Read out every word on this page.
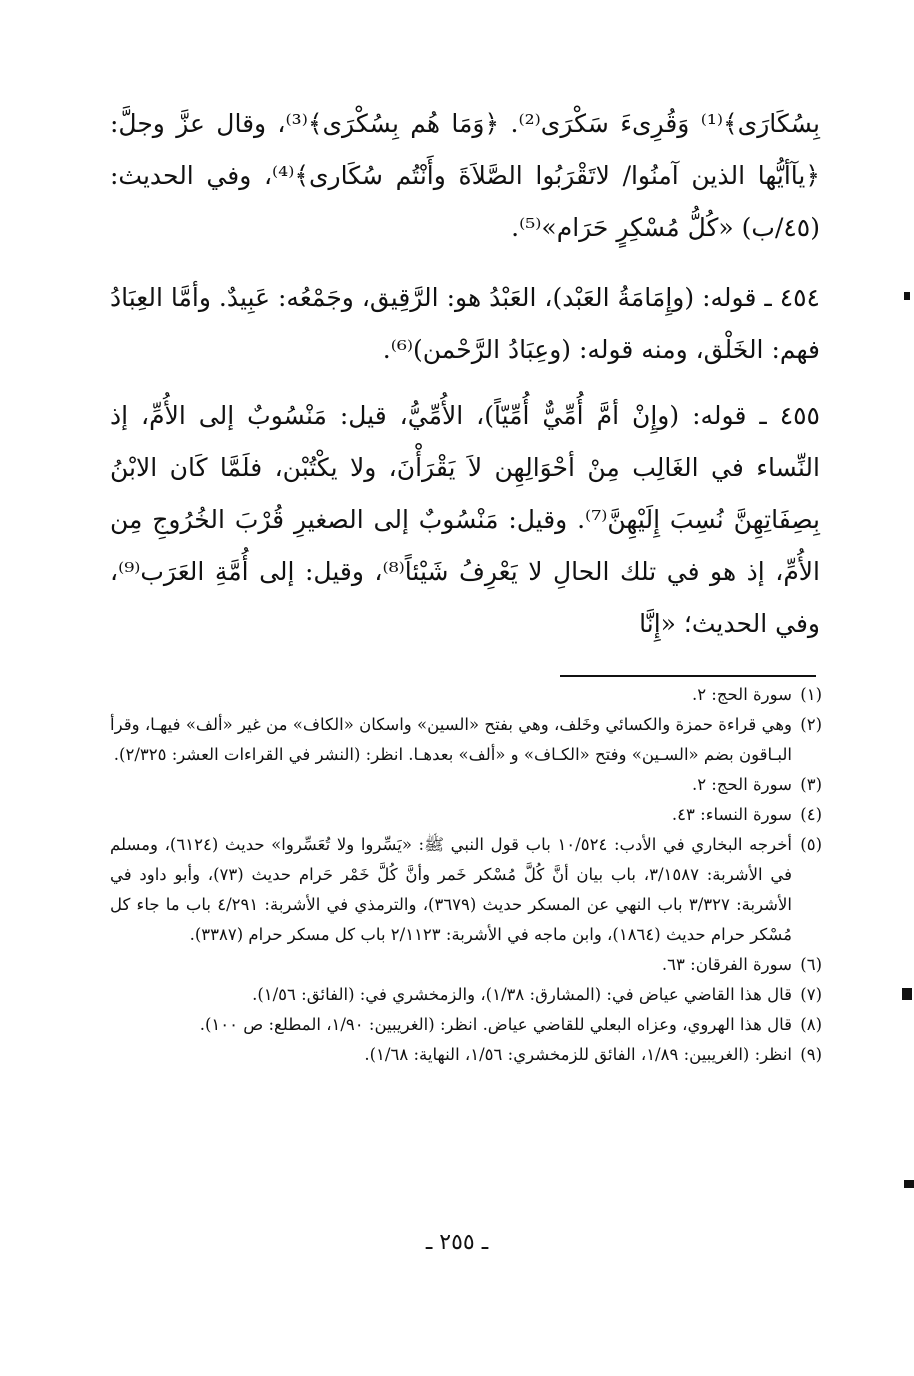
بِسُكَارَى﴾⁽¹⁾ وَقُرِىءَ سَكْرَى⁽²⁾. ﴿وَمَا هُم بِسُكْرَى﴾⁽³⁾، وقال عزَّ وجلَّ: ﴿يآأيُّها الذين آمنُوا/ لاتَقْرَبُوا الصَّلاَةَ وأَنْتُم سُكَارى﴾⁽⁴⁾، وفي الحديث: (٤٥/ب) «كُلُّ مُسْكِرٍ حَرَام»⁽⁵⁾.

٤٥٤ ـ قوله: (وإِمَامَةُ العَبْد)، العَبْدُ هو: الرَّقِيق، وجَمْعُه: عَبِيدٌ. وأمَّا العِبَادُ فهم: الخَلْق، ومنه قوله: (وعِبَادُ الرَّحْمن)⁽⁶⁾.

٤٥٥ ـ قوله: (وإِنْ أمَّ أُمِّيٌّ أُمِّيّاً)، الأُمِّيُّ، قيل: مَنْسُوبٌ إلى الأُمِّ، إذ النِّساء في الغَالِب مِنْ أحْوَالِهِن لاَ يَقْرَأْنَ، ولا يكْتُبْن، فلَمَّا كَان الابْنُ بِصِفَاتِهِنَّ نُسِبَ إِلَيْهِنَّ⁽⁷⁾. وقيل: مَنْسُوبٌ إلى الصغيرِ قُرْبَ الخُرُوجِ مِن الأُمِّ، إذ هو في تلك الحالِ لا يَعْرِفُ شَيْئاً⁽⁸⁾، وقيل: إلى أُمَّةِ العَرَب⁽⁹⁾، وفي الحديث؛ «إِنَّا

(١)
سورة الحج: ٢.

(٢)
وهي قراءة حمزة والكسائي وخَلف، وهي بفتح «السين» واسكان «الكاف» من غير «ألف» فيهـا، وقرأ البـاقون بضم «السـين» وفتح «الكـاف» و «ألف» بعدهـا. انظر: (النشر في القراءات العشر: ٢/٣٢٥).

(٣)
سورة الحج: ٢.

(٤)
سورة النساء: ٤٣.

(٥)
أخرجه البخاري في الأدب: ١٠/٥٢٤ باب قول النبي ﷺ: «يَسِّروا ولا تُعَسِّروا» حديث (٦١٢٤)، ومسلم في الأشربة: ٣/١٥٨٧، باب بيان أنَّ كُلَّ مُسْكر خَمر وأنَّ كُلَّ خَمْر حَرام حديث (٧٣)، وأبو داود في الأشربة: ٣/٣٢٧ باب النهي عن المسكر حديث (٣٦٧٩)، والترمذي في الأشربة: ٤/٢٩١ باب ما جاء كل مُسْكر حرام حديث (١٨٦٤)، وابن ماجه في الأشربة: ٢/١١٢٣ باب كل مسكر حرام (٣٣٨٧).

(٦)
سورة الفرقان: ٦٣.

(٧)
قال هذا القاضي عياض في: (المشارق: ١/٣٨)، والزمخشري في: (الفائق: ١/٥٦).

(٨)
قال هذا الهروي، وعزاه البعلي للقاضي عياض. انظر: (الغريبين: ١/٩٠، المطلع: ص ١٠٠).

(٩)
انظر: (الغريبين: ١/٨٩، الفائق للزمخشري: ١/٥٦، النهاية: ١/٦٨).

ـ ٢٥٥ ـ
